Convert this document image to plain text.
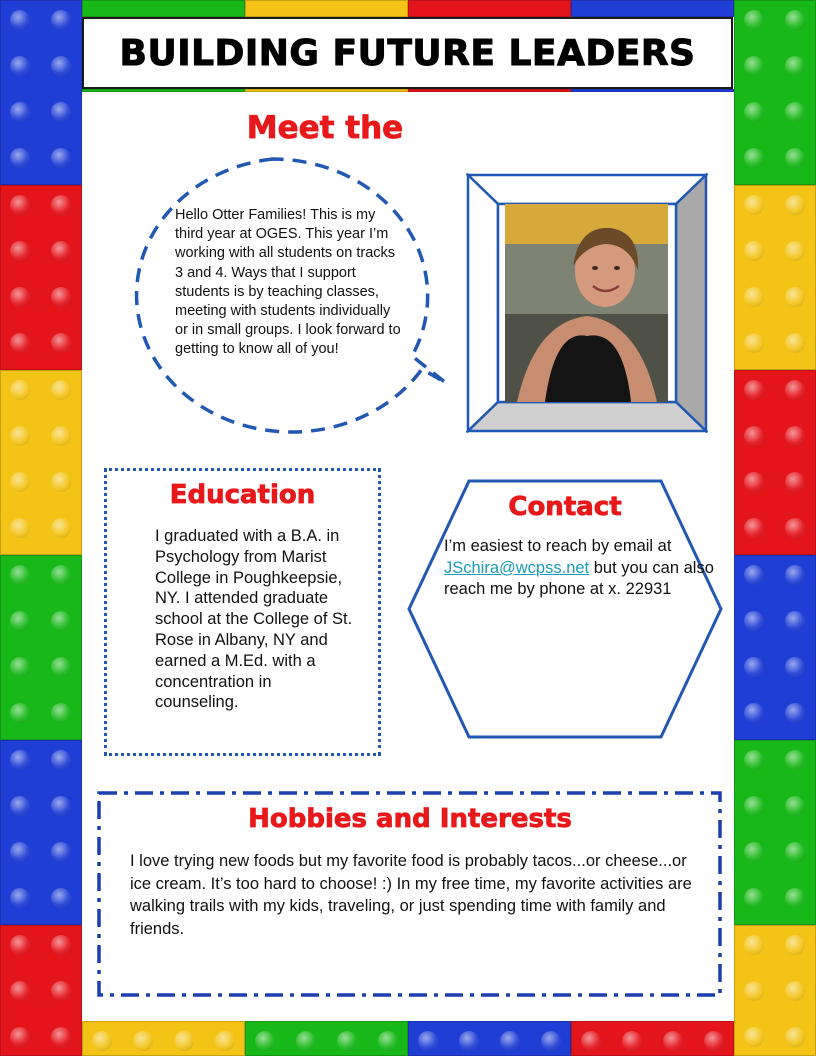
BUILDING FUTURE LEADERS
Meet the
Hello Otter Families! This is my third year at OGES. This year I’m working with all students on tracks 3 and 4. Ways that I support students is by teaching classes, meeting with students individually or in small groups. I look forward to getting to know all of you!
Education
I graduated with a B.A. in Psychology from Marist College in Poughkeepsie, NY. I attended graduate school at the College of St. Rose in Albany, NY and earned a M.Ed. with a concentration in counseling.
Contact
I’m easiest to reach by email at JSchira@wcpss.net but you can also reach me by phone at x. 22931
Hobbies and Interests
I love trying new foods but my favorite food is probably tacos...or cheese...or ice cream. It’s too hard to choose! :) In my free time, my favorite activities are walking trails with my kids, traveling, or just spending time with family and friends.
